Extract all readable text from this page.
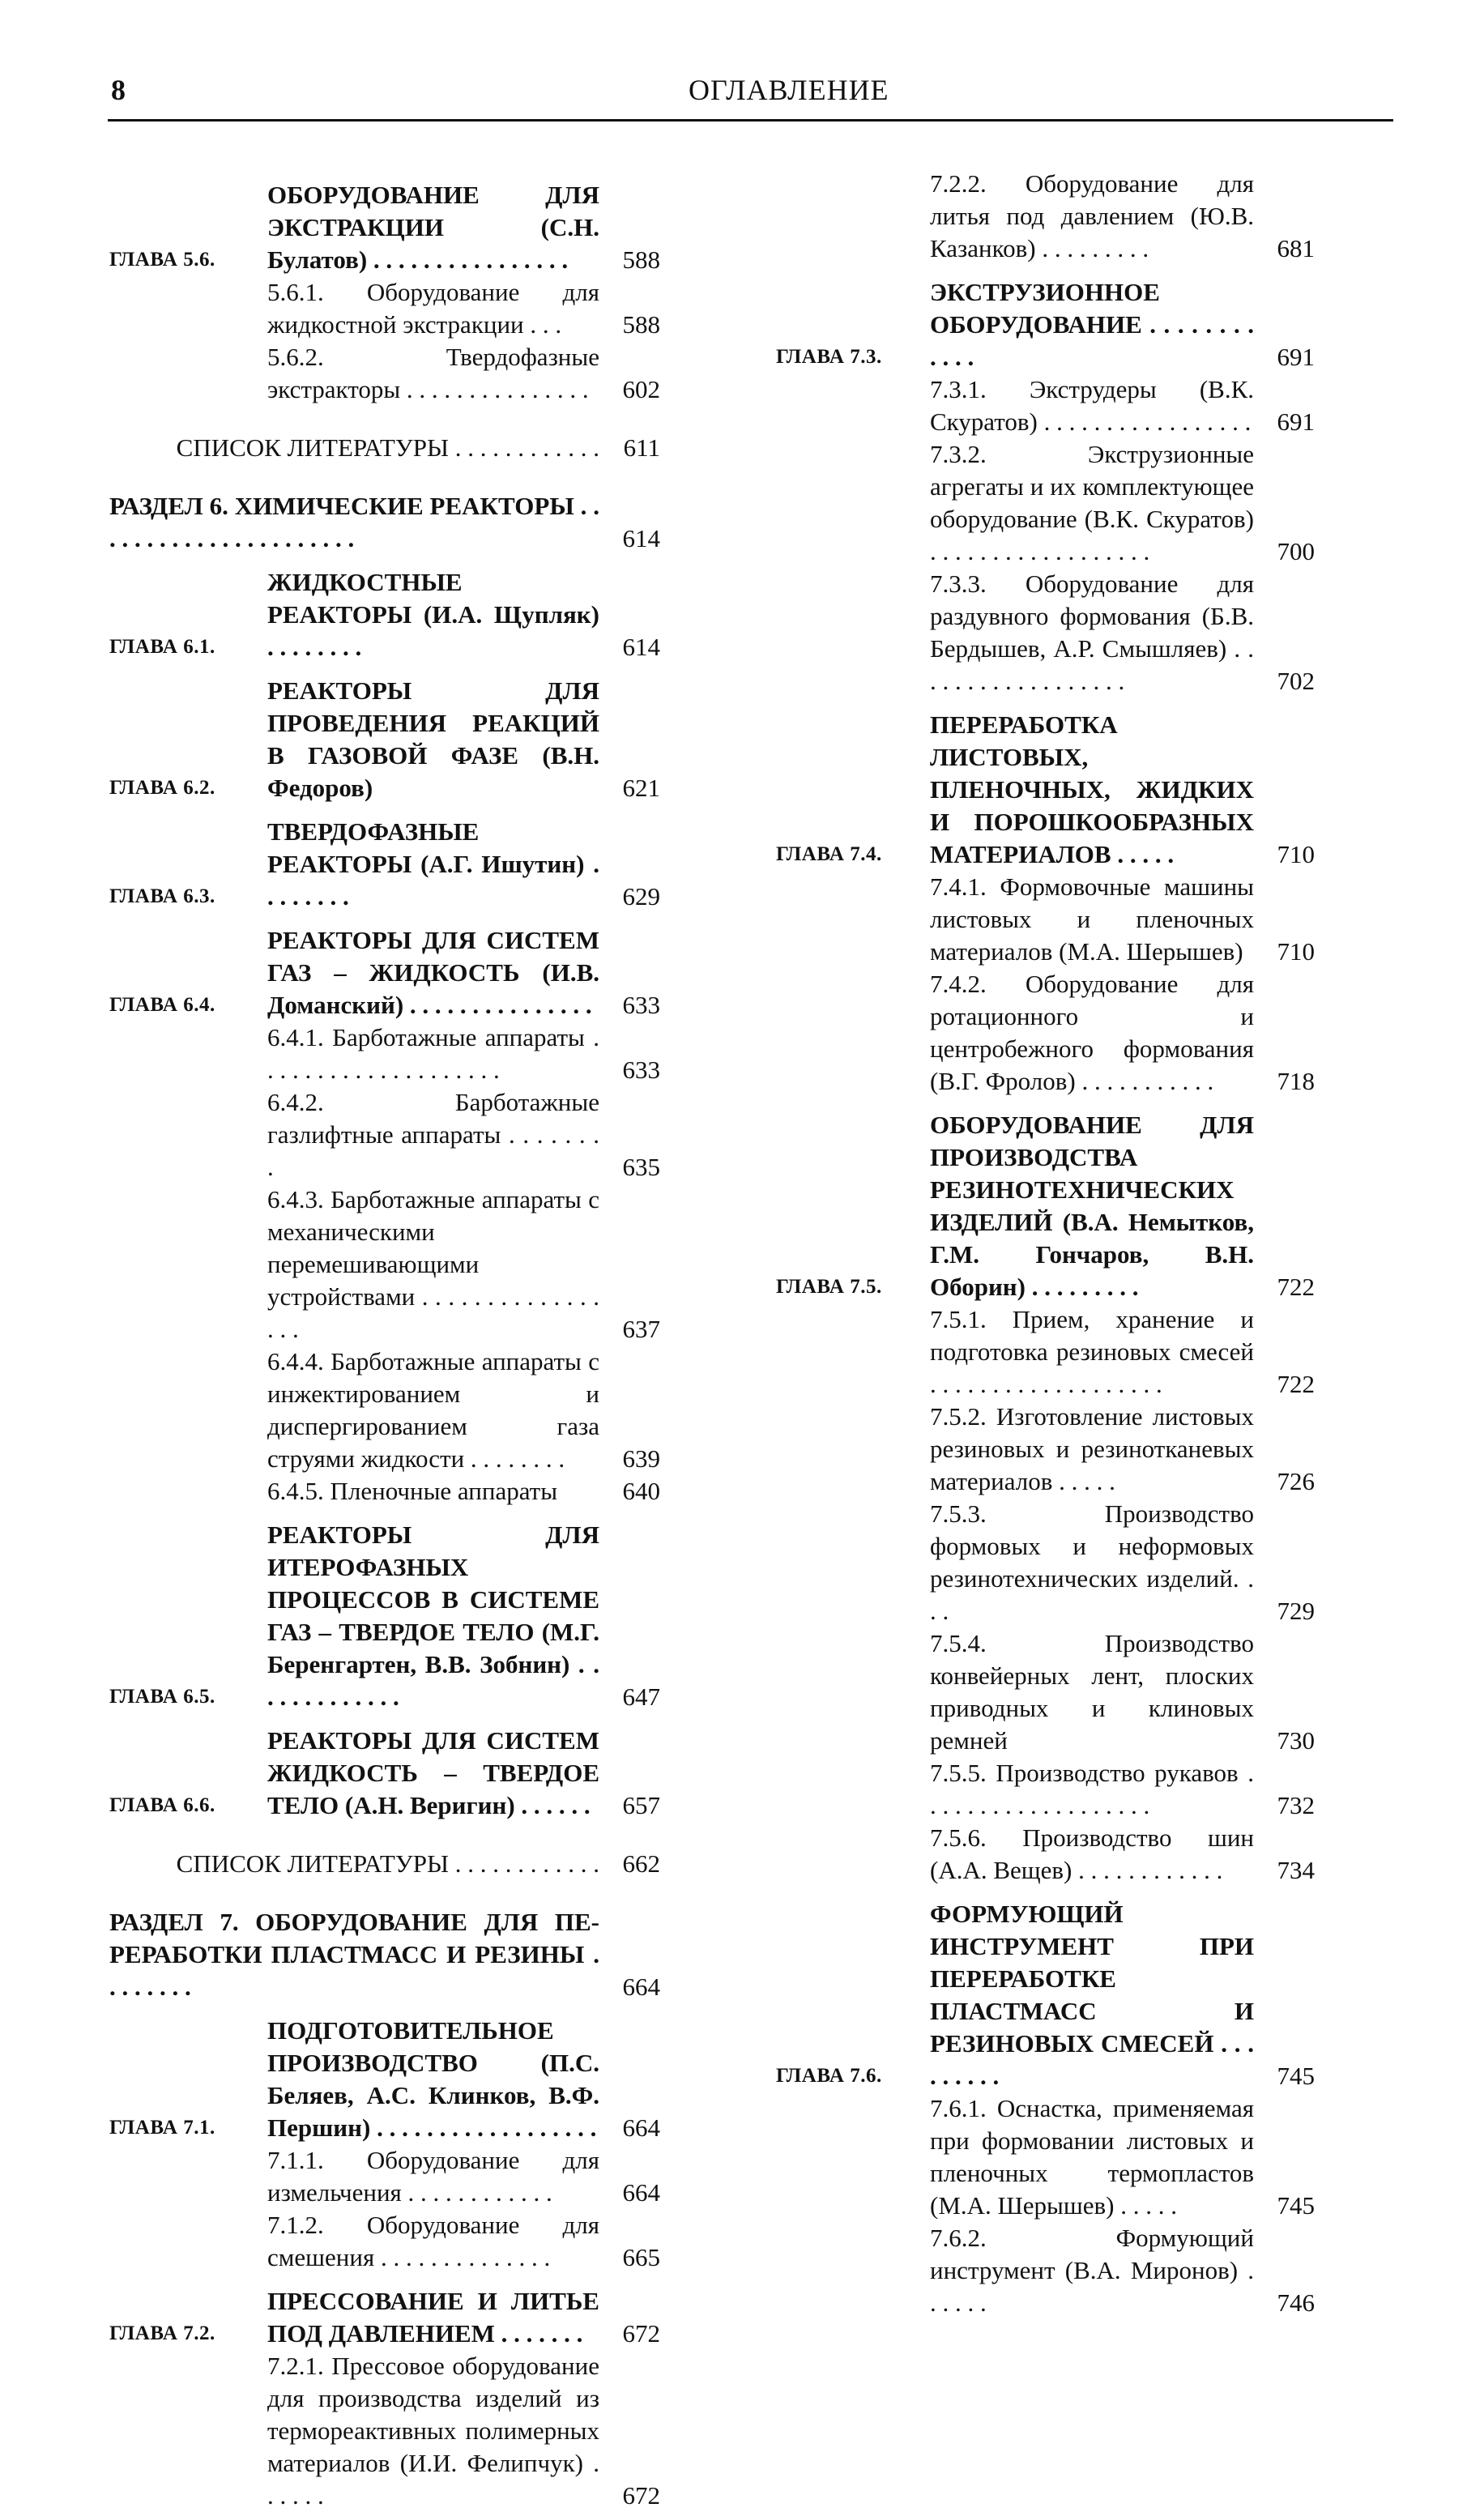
8	ОГЛАВЛЕНИЕ
ГЛАВА 5.6.
ОБОРУДОВАНИЕ ДЛЯ ЭКСТРАКЦИИ (С.Н. Булатов) . . . . . . . . . . . . . . . .	588
5.6.1. Оборудование для жидкостной экстракции . . .	588
5.6.2. Твердофазные экстракторы . . . . . . . . . . . . . . .	602
СПИСОК ЛИТЕРАТУРЫ . . . . . . . . . . . . 611
РАЗДЕЛ 6. ХИМИЧЕСКИЕ РЕАКТОРЫ . . . . . . . . . . . . . . . . . . . . . .	614
ГЛАВА 6.1.
ЖИДКОСТНЫЕ РЕАКТОРЫ (И.А. Щупляк) . . . . . . . .	614
ГЛАВА 6.2.
РЕАКТОРЫ ДЛЯ ПРОВЕДЕНИЯ РЕАКЦИЙ В ГАЗОВОЙ ФАЗЕ (В.Н. Федоров)	621
ГЛАВА 6.3.
ТВЕРДОФАЗНЫЕ РЕАКТОРЫ (А.Г. Ишутин) . . . . . . . .	629
ГЛАВА 6.4.
РЕАКТОРЫ ДЛЯ СИСТЕМ ГАЗ – ЖИДКОСТЬ (И.В. Доманский) . . . . . . . . . . . . . . .	633
6.4.1. Барботажные аппараты . . . . . . . . . . . . . . . . . . . .	633
6.4.2. Барботажные газлифтные аппараты . . . . . . . .	635
6.4.3. Барботажные аппараты с механическими перемешивающими устройствами . . . . . . . . . . . . . . . . .	637
6.4.4. Барботажные аппараты с инжектированием и диспергированием газа струями жидкости . . . . . . . .	639
6.4.5. Пленочные аппараты	640
ГЛАВА 6.5.
РЕАКТОРЫ ДЛЯ ИТЕРОФАЗНЫХ ПРОЦЕССОВ В СИСТЕМЕ ГАЗ – ТВЕРДОЕ ТЕЛО (М.Г. Беренгартен, В.В. Зобнин) . . . . . . . . . . . . .	647
ГЛАВА 6.6.
РЕАКТОРЫ ДЛЯ СИСТЕМ ЖИДКОСТЬ – ТВЕРДОЕ ТЕЛО (А.Н. Веригин) . . . . . .	657
СПИСОК ЛИТЕРАТУРЫ . . . . . . . . . . . . 662
РАЗДЕЛ 7. ОБОРУДОВАНИЕ ДЛЯ ПЕ-РЕРАБОТКИ ПЛАСТМАСС И РЕЗИНЫ . . . . . . . .	664
ГЛАВА 7.1.
ПОДГОТОВИТЕЛЬНОЕ ПРОИЗВОДСТВО (П.С. Беляев, А.С. Клинков, В.Ф. Першин) . . . . . . . . . . . . . . . . . .	664
7.1.1. Оборудование для измельчения . . . . . . . . . . . .	664
7.1.2. Оборудование для смешения . . . . . . . . . . . . . .	665
ГЛАВА 7.2.
ПРЕССОВАНИЕ И ЛИТЬЕ ПОД ДАВЛЕНИЕМ . . . . . . .	672
7.2.1. Прессовое оборудование для производства изделий из термореактивных полимерных материалов (И.И. Фелипчук) . . . . . .	672
7.2.2. Оборудование для литья под давлением (Ю.В. Казанков) . . . . . . . . .	681
ГЛАВА 7.3.
ЭКСТРУЗИОННОЕ ОБОРУДОВАНИЕ . . . . . . . . . . . .	691
7.3.1. Экструдеры (В.К. Скуратов) . . . . . . . . . . . . . . . . .	691
7.3.2. Экструзионные агрегаты и их комплектующее оборудование (В.К. Скуратов) . . . . . . . . . . . . . . . . . .	700
7.3.3. Оборудование для раздувного формования (Б.В. Бердышев, А.Р. Смышляев) . . . . . . . . . . . . . . . . . .	702
ГЛАВА 7.4.
ПЕРЕРАБОТКА ЛИСТОВЫХ, ПЛЕНОЧНЫХ, ЖИДКИХ И ПОРОШКООБРАЗНЫХ МАТЕРИАЛОВ . . . . .	710
7.4.1. Формовочные машины листовых и пленочных материалов (М.А. Шерышев)	710
7.4.2. Оборудование для ротационного и центробежного формования (В.Г. Фролов) . . . . . . . . . . .	718
ГЛАВА 7.5.
ОБОРУДОВАНИЕ ДЛЯ ПРОИЗВОДСТВА РЕЗИНОТЕХНИЧЕСКИХ ИЗДЕЛИЙ (В.А. Немытков, Г.М. Гончаров, В.Н. Оборин) . . . . . . . . .	722
7.5.1. Прием, хранение и подготовка резиновых смесей . . . . . . . . . . . . . . . . . . .	722
7.5.2. Изготовление листовых резиновых и резинотканевых материалов . . . . .	726
7.5.3. Производство формовых и неформовых резинотехнических изделий. . . .	729
7.5.4. Производство конвейерных лент, плоских приводных и клиновых ремней	730
7.5.5. Производство рукавов . . . . . . . . . . . . . . . . . . .	732
7.5.6. Производство шин (А.А. Вещев) . . . . . . . . . . . .	734
ГЛАВА 7.6.
ФОРМУЮЩИЙ ИНСТРУМЕНТ ПРИ ПЕРЕРАБОТКЕ ПЛАСТМАСС И РЕЗИНОВЫХ СМЕСЕЙ . . . . . . . . .	745
7.6.1. Оснастка, применяемая при формовании листовых и пленочных термопластов (М.А. Шерышев) . . . . .	745
7.6.2. Формующий инструмент (В.А. Миронов) . . . . . .	746
